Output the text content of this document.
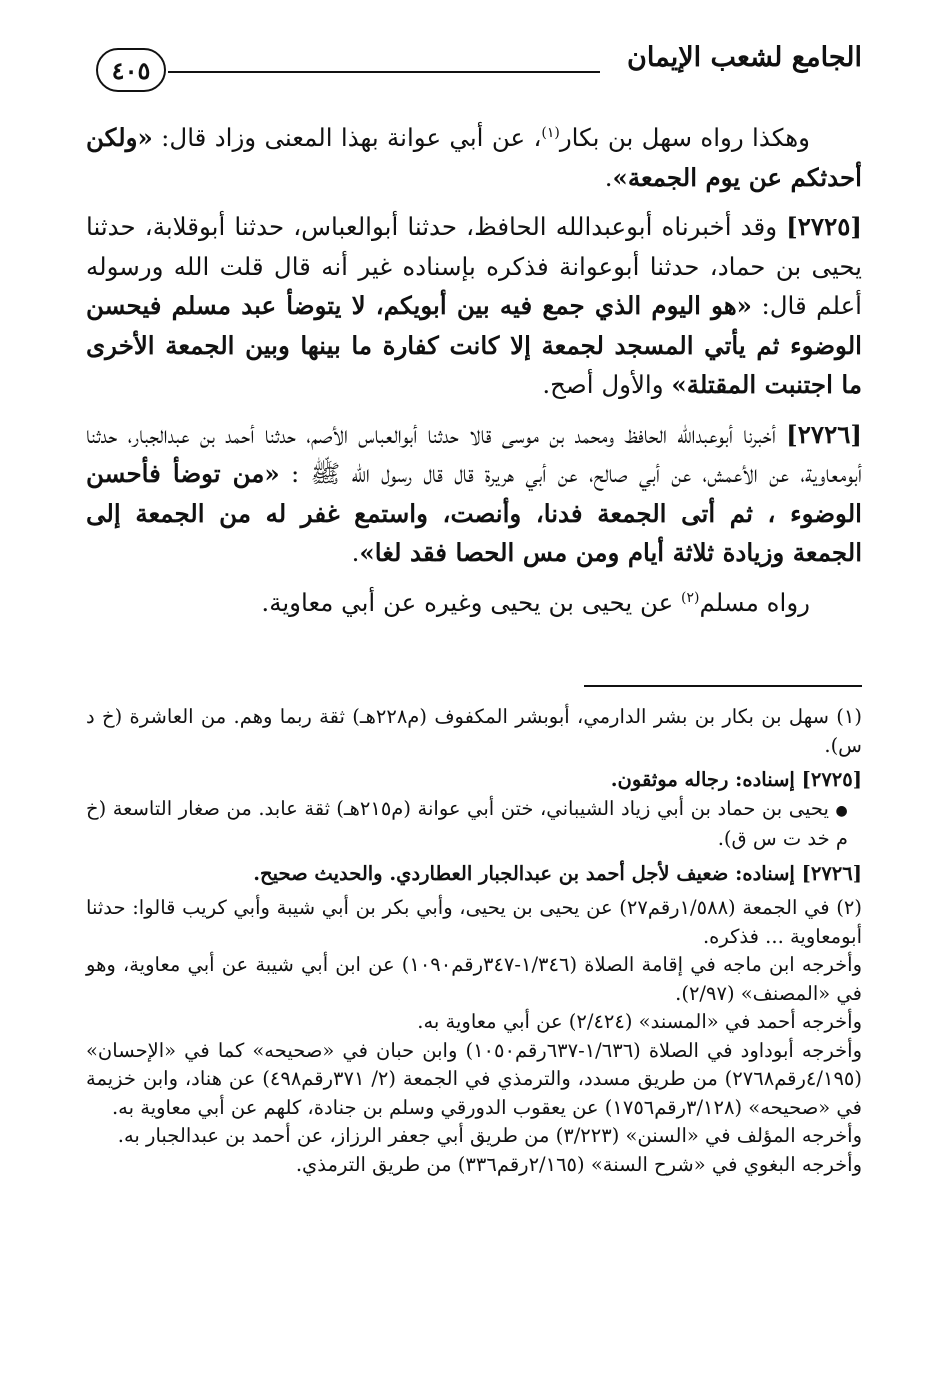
الجامع لشعب الإيمان
٤٠٥

وهكذا رواه سهل بن بكار$^{(١)}$، عن أبي عوانة بهذا المعنى وزاد قال: «ولكن أحدثكم عن يوم الجمعة».

[٢٧٢٥] وقد أخبرناه أبوعبدالله الحافظ، حدثنا أبوالعباس، حدثنا أبوقلابة، حدثنا يحيى بن حماد، حدثنا أبوعوانة فذكره بإسناده غير أنه قال قلت الله ورسوله أعلم قال: «هو اليوم الذي جمع فيه بين أبويكم، لا يتوضأ عبد مسلم فيحسن الوضوء ثم يأتي المسجد لجمعة إلا كانت كفارة ما بينها وبين الجمعة الأخرى ما اجتنبت المقتلة» والأول أصح.

[٢٧٢٦] أخبرنا أبوعبدالله الحافظ ومحمد بن موسى قالا حدثنا أبوالعباس الأصم، حدثنا أحمد بن عبدالجبار، حدثنا أبومعاوية، عن الأعمش، عن أبي صالح، عن أبي هريرة قال قال رسول الله ﷺ : «من توضأ فأحسن الوضوء ، ثم أتى الجمعة فدنا، وأنصت، واستمع غفر له من الجمعة إلى الجمعة وزيادة ثلاثة أيام ومن مس الحصا فقد لغا».

رواه مسلم$^{(٢)}$ عن يحيى بن يحيى وغيره عن أبي معاوية.

(١) سهل بن بكار بن بشر الدارمي، أبوبشر المكفوف (م٢٢٨هـ) ثقة ربما وهم. من العاشرة (خ د س).

[٢٧٢٥] إسناده: رجاله موثقون.

● يحيى بن حماد بن أبي زياد الشيباني، ختن أبي عوانة (م٢١٥هـ) ثقة عابد. من صغار التاسعة (خ م خد ت س ق).

[٢٧٢٦] إسناده: ضعيف لأجل أحمد بن عبدالجبار العطاردي. والحديث صحيح.

(٢) في الجمعة (١/٥٨٨رقم٢٧) عن يحيى بن يحيى، وأبي بكر بن أبي شيبة وأبي كريب قالوا: حدثنا أبومعاوية ... فذكره.

وأخرجه ابن ماجه في إقامة الصلاة (١/٣٤٦-٣٤٧رقم١٠٩٠) عن ابن أبي شيبة عن أبي معاوية، وهو في «المصنف» (٢/٩٧).

وأخرجه أحمد في «المسند» (٢/٤٢٤) عن أبي معاوية به.

وأخرجه أبوداود في الصلاة (١/٦٣٦-٦٣٧رقم١٠٥٠) وابن حبان في «صحيحه» كما في «الإحسان» (٤/١٩٥رقم٢٧٦٨) من طريق مسدد، والترمذي في الجمعة (٢/ ٣٧١رقم٤٩٨) عن هناد، وابن خزيمة في «صحيحه» (٣/١٢٨رقم١٧٥٦) عن يعقوب الدورقي وسلم بن جنادة، كلهم عن أبي معاوية به.

وأخرجه المؤلف في «السنن» (٣/٢٢٣) من طريق أبي جعفر الرزاز، عن أحمد بن عبدالجبار به.

وأخرجه البغوي في «شرح السنة» (٢/١٦٥رقم٣٣٦) من طريق الترمذي.
